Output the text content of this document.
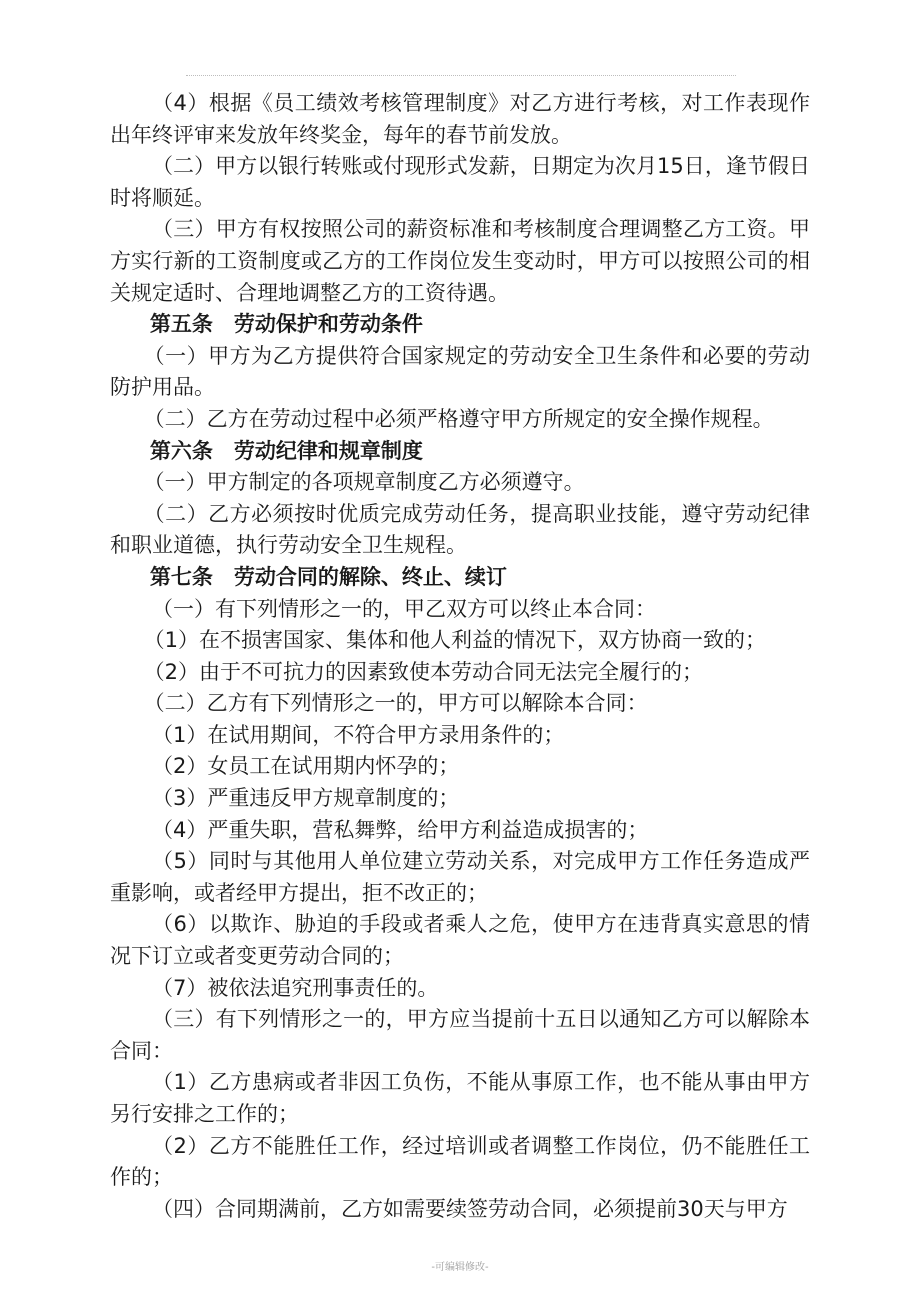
（4）根据《员工绩效考核管理制度》对乙方进行考核，对工作表现作出年终评审来发放年终奖金，每年的春节前发放。

（二）甲方以银行转账或付现形式发薪，日期定为次月15日，逢节假日时将顺延。

（三）甲方有权按照公司的薪资标准和考核制度合理调整乙方工资。甲方实行新的工资制度或乙方的工作岗位发生变动时，甲方可以按照公司的相关规定适时、合理地调整乙方的工资待遇。

第五条　劳动保护和劳动条件

（一）甲方为乙方提供符合国家规定的劳动安全卫生条件和必要的劳动防护用品。

（二）乙方在劳动过程中必须严格遵守甲方所规定的安全操作规程。

第六条　劳动纪律和规章制度

（一）甲方制定的各项规章制度乙方必须遵守。

（二）乙方必须按时优质完成劳动任务，提高职业技能，遵守劳动纪律和职业道德，执行劳动安全卫生规程。

第七条　劳动合同的解除、终止、续订

（一）有下列情形之一的，甲乙双方可以终止本合同：

（1）在不损害国家、集体和他人利益的情况下，双方协商一致的；

（2）由于不可抗力的因素致使本劳动合同无法完全履行的；

（二）乙方有下列情形之一的，甲方可以解除本合同：

（1）在试用期间，不符合甲方录用条件的；

（2）女员工在试用期内怀孕的；

（3）严重违反甲方规章制度的；

（4）严重失职，营私舞弊，给甲方利益造成损害的；

（5）同时与其他用人单位建立劳动关系，对完成甲方工作任务造成严重影响，或者经甲方提出，拒不改正的；

（6）以欺诈、胁迫的手段或者乘人之危，使甲方在违背真实意思的情况下订立或者变更劳动合同的；

（7）被依法追究刑事责任的。

（三）有下列情形之一的，甲方应当提前十五日以通知乙方可以解除本合同：

（1）乙方患病或者非因工负伤，不能从事原工作，也不能从事由甲方另行安排之工作的；

（2）乙方不能胜任工作，经过培训或者调整工作岗位，仍不能胜任工作的；

（四）合同期满前，乙方如需要续签劳动合同，必须提前30天与甲方

-可编辑修改-
